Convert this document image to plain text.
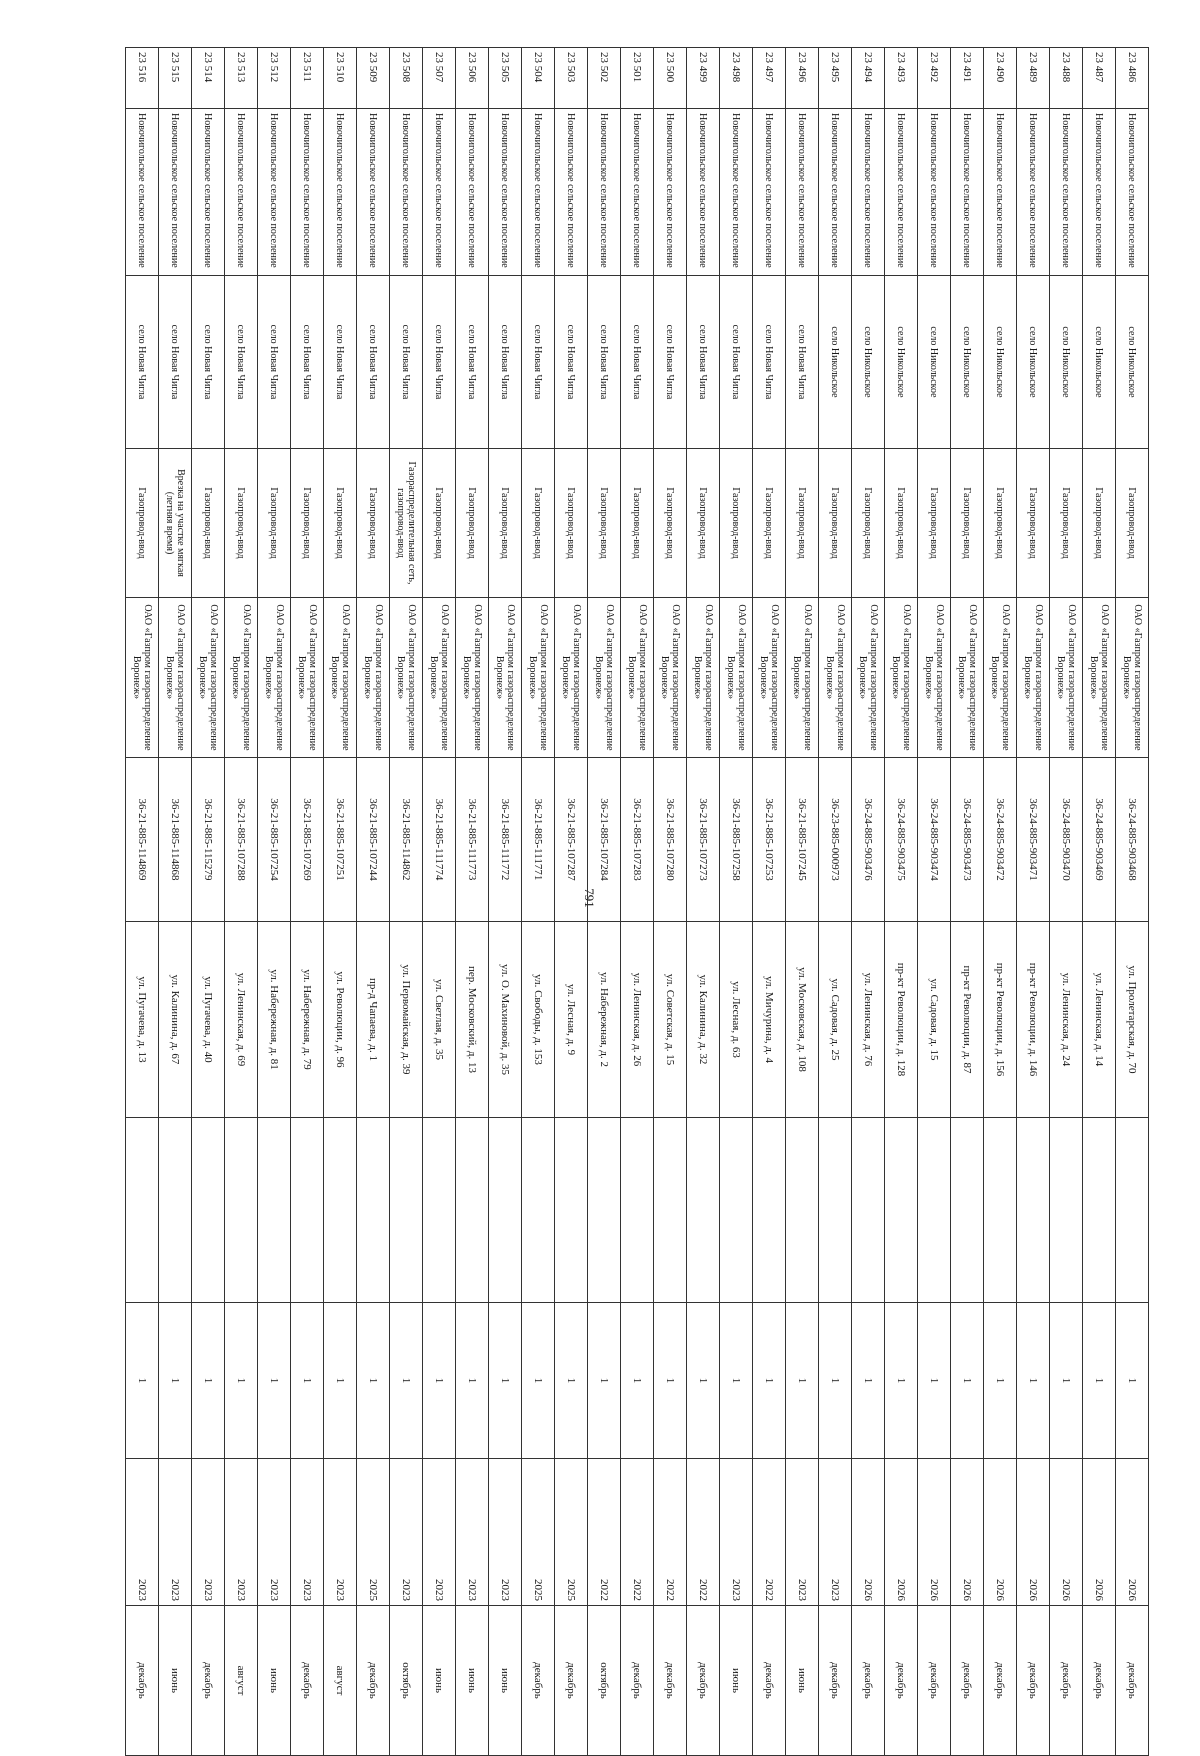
791
23 486	Новочигольское сельское поселение	село Никольское	Газопровод-ввод	ОАО «Газпром газораспределение Воронеж»	36-24-885-903468	ул. Пролетарская, д. 70		1	2026	декабрь
23 487	Новочигольское сельское поселение	село Никольское	Газопровод-ввод	ОАО «Газпром газораспределение Воронеж»	36-24-885-903469	ул. Ленинская, д. 14		1	2026	декабрь
23 488	Новочигольское сельское поселение	село Никольское	Газопровод-ввод	ОАО «Газпром газораспределение Воронеж»	36-24-885-903470	ул. Ленинская, д. 24		1	2026	декабрь
23 489	Новочигольское сельское поселение	село Никольское	Газопровод-ввод	ОАО «Газпром газораспределение Воронеж»	36-24-885-903471	пр-кт Революции, д. 146		1	2026	декабрь
23 490	Новочигольское сельское поселение	село Никольское	Газопровод-ввод	ОАО «Газпром газораспределение Воронеж»	36-24-885-903472	пр-кт Революции, д. 156		1	2026	декабрь
23 491	Новочигольское сельское поселение	село Никольское	Газопровод-ввод	ОАО «Газпром газораспределение Воронеж»	36-24-885-903473	пр-кт Революции, д. 87		1	2026	декабрь
23 492	Новочигольское сельское поселение	село Никольское	Газопровод-ввод	ОАО «Газпром газораспределение Воронеж»	36-24-885-903474	ул. Садовая, д. 15		1	2026	декабрь
23 493	Новочигольское сельское поселение	село Никольское	Газопровод-ввод	ОАО «Газпром газораспределение Воронеж»	36-24-885-903475	пр-кт Революции, д. 128		1	2026	декабрь
23 494	Новочигольское сельское поселение	село Никольское	Газопровод-ввод	ОАО «Газпром газораспределение Воронеж»	36-24-885-903476	ул. Ленинская, д. 76		1	2026	декабрь
23 495	Новочигольское сельское поселение	село Никольское	Газопровод-ввод	ОАО «Газпром газораспределение Воронеж»	36-23-885-000973	ул. Садовая, д. 25		1	2023	декабрь
23 496	Новочигольское сельское поселение	село Новая Чигла	Газопровод-ввод	ОАО «Газпром газораспределение Воронеж»	36-21-885-107245	ул. Московская, д. 108		1	2023	июнь
23 497	Новочигольское сельское поселение	село Новая Чигла	Газопровод-ввод	ОАО «Газпром газораспределение Воронеж»	36-21-885-107253	ул. Мичурина, д. 4		1	2022	декабрь
23 498	Новочигольское сельское поселение	село Новая Чигла	Газопровод-ввод	ОАО «Газпром газораспределение Воронеж»	36-21-885-107258	ул. Лесная, д. 63		1	2023	июнь
23 499	Новочигольское сельское поселение	село Новая Чигла	Газопровод-ввод	ОАО «Газпром газораспределение Воронеж»	36-21-885-107273	ул. Калинина, д. 32		1	2022	декабрь
23 500	Новочигольское сельское поселение	село Новая Чигла	Газопровод-ввод	ОАО «Газпром газораспределение Воронеж»	36-21-885-107280	ул. Советская, д. 15		1	2022	декабрь
23 501	Новочигольское сельское поселение	село Новая Чигла	Газопровод-ввод	ОАО «Газпром газораспределение Воронеж»	36-21-885-107283	ул. Ленинская, д. 26		1	2022	декабрь
23 502	Новочигольское сельское поселение	село Новая Чигла	Газопровод-ввод	ОАО «Газпром газораспределение Воронеж»	36-21-885-107284	ул. Набережная, д. 2		1	2022	октябрь
23 503	Новочигольское сельское поселение	село Новая Чигла	Газопровод-ввод	ОАО «Газпром газораспределение Воронеж»	36-21-885-107287	ул. Лесная, д. 9		1	2025	декабрь
23 504	Новочигольское сельское поселение	село Новая Чигла	Газопровод-ввод	ОАО «Газпром газораспределение Воронеж»	36-21-885-111771	ул. Свободы, д. 153		1	2025	декабрь
23 505	Новочигольское сельское поселение	село Новая Чигла	Газопровод-ввод	ОАО «Газпром газораспределение Воронеж»	36-21-885-111772	ул. О. Махиновой, д. 35		1	2023	июнь
23 506	Новочигольское сельское поселение	село Новая Чигла	Газопровод-ввод	ОАО «Газпром газораспределение Воронеж»	36-21-885-111773	пер. Московский, д. 13		1	2023	июнь
23 507	Новочигольское сельское поселение	село Новая Чигла	Газопровод-ввод	ОАО «Газпром газораспределение Воронеж»	36-21-885-111774	ул. Светлая, д. 35		1	2023	июнь
23 508	Новочигольское сельское поселение	село Новая Чигла	Газораспределительная сеть, газопровод-ввод	ОАО «Газпром газораспределение Воронеж»	36-21-885-114862	ул. Первомайская, д. 39		1	2023	октябрь
23 509	Новочигольское сельское поселение	село Новая Чигла	Газопровод-ввод	ОАО «Газпром газораспределение Воронеж»	36-21-885-107244	пр-д Чапаева, д. 1		1	2025	декабрь
23 510	Новочигольское сельское поселение	село Новая Чигла	Газопровод-ввод	ОАО «Газпром газораспределение Воронеж»	36-21-885-107251	ул. Революции, д. 96		1	2023	август
23 511	Новочигольское сельское поселение	село Новая Чигла	Газопровод-ввод	ОАО «Газпром газораспределение Воронеж»	36-21-885-107269	ул. Набережная, д. 79		1	2023	декабрь
23 512	Новочигольское сельское поселение	село Новая Чигла	Газопровод-ввод	ОАО «Газпром газораспределение Воронеж»	36-21-885-107254	ул. Набережная, д. 81		1	2023	июнь
23 513	Новочигольское сельское поселение	село Новая Чигла	Газопровод-ввод	ОАО «Газпром газораспределение Воронеж»	36-21-885-107288	ул. Ленинская, д. 69		1	2023	август
23 514	Новочигольское сельское поселение	село Новая Чигла	Газопровод-ввод	ОАО «Газпром газораспределение Воронеж»	36-21-885-115279	ул. Пугачева, д. 40		1	2023	декабрь
23 515	Новочигольское сельское поселение	село Новая Чигла	Врезка на участке мягкая (летняя время)	ОАО «Газпром газораспределение Воронеж»	36-21-885-114868	ул. Калинина, д. 67		1	2023	июнь
23 516	Новочигольское сельское поселение	село Новая Чигла	Газопровод-ввод	ОАО «Газпром газораспределение Воронеж»	36-21-885-114869	ул. Пугачева, д. 13		1	2023	декабрь
